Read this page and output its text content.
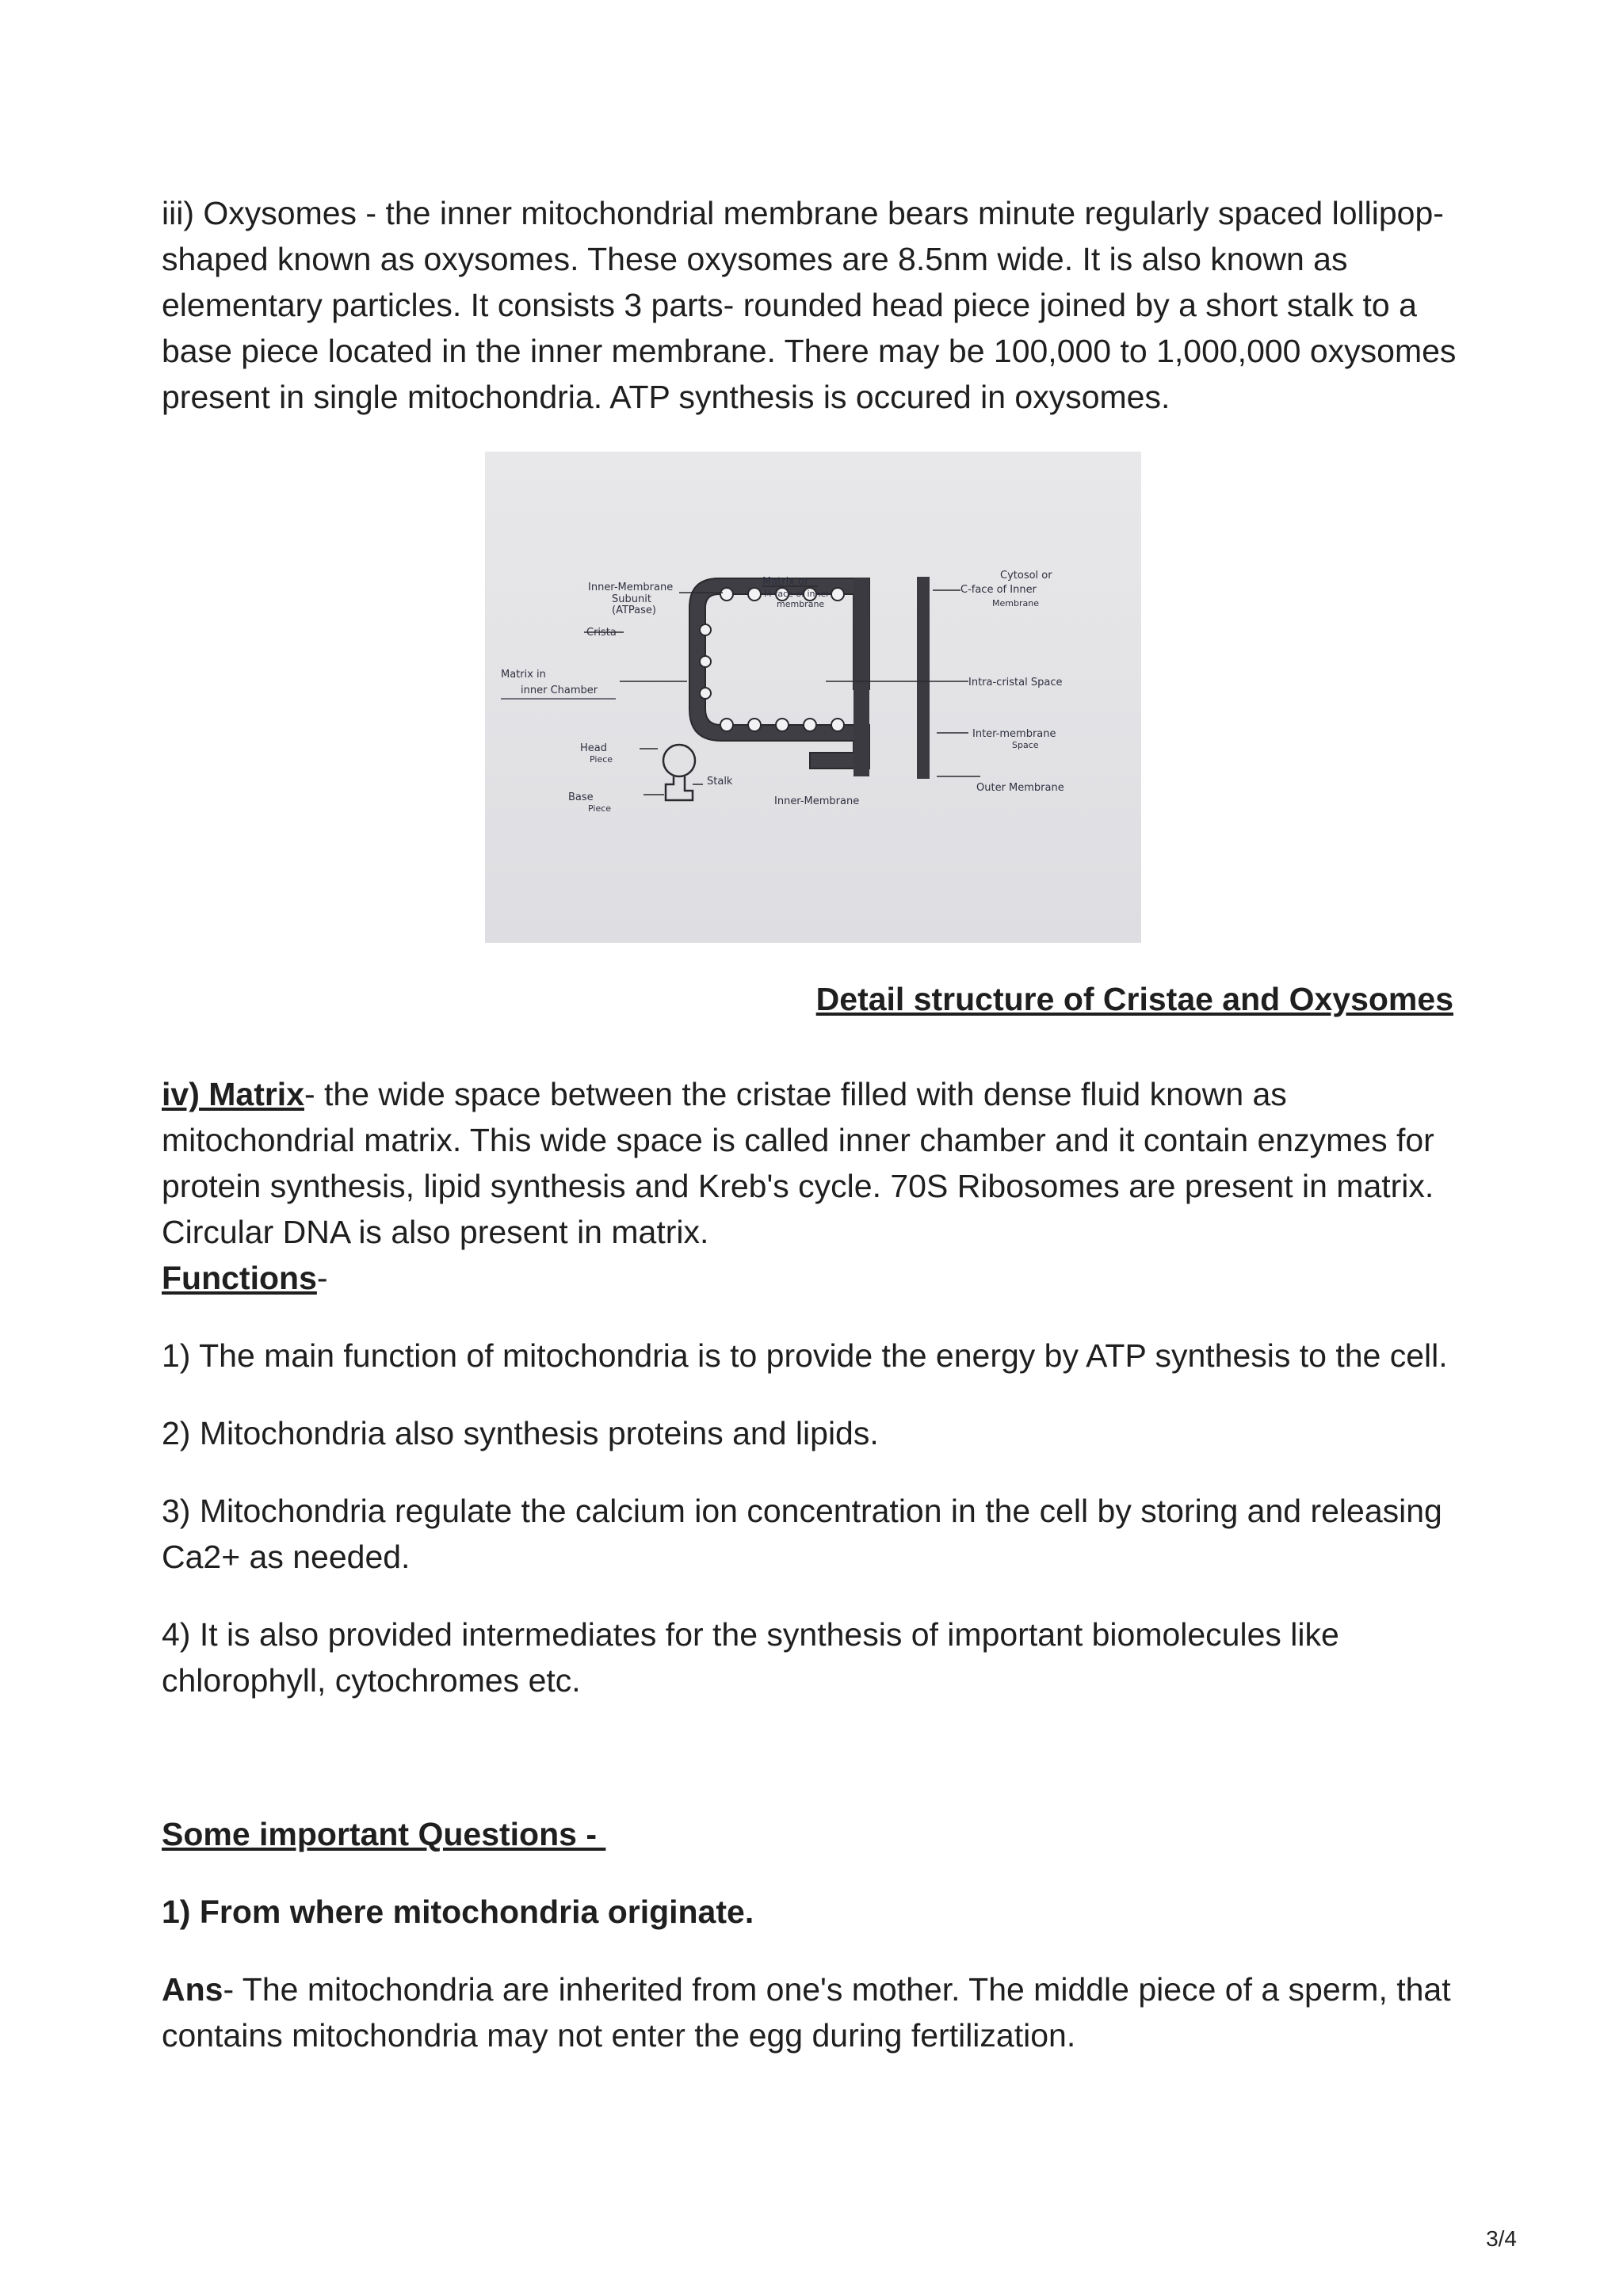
iii) Oxysomes - the inner mitochondrial membrane bears minute regularly spaced lollipop-shaped known as oxysomes. These oxysomes are 8.5nm wide. It is also known as elementary particles. It consists 3 parts- rounded head piece joined by a short stalk to a base piece located in the inner membrane. There may be 100,000 to 1,000,000 oxysomes present in single mitochondria. ATP synthesis is occured in oxysomes.

Inner-Membrane
Subunit
(ATPase)
Crista
Matrix or
M-face of inner
membrane
Cytosol or
C-face of Inner
Membrane
Matrix in
inner Chamber
Intra-cristal Space
Inter-membrane
Space
Outer Membrane
Head
Piece
Stalk
Base
Piece
Inner-Membrane
Detail structure of Cristae and Oxysomes

iv) Matrix- the wide space between the cristae filled with dense fluid known as mitochondrial matrix. This wide space is called inner chamber and it contain enzymes for protein synthesis, lipid synthesis and Kreb's cycle. 70S Ribosomes are present in matrix. Circular DNA is also present in matrix.

Functions-

1) The main function of mitochondria is to provide the energy by ATP synthesis to the cell.

2) Mitochondria also synthesis proteins and lipids.

3) Mitochondria regulate the calcium ion concentration in the cell by storing and releasing Ca2+ as needed.

4) It is also provided intermediates for the synthesis of important biomolecules like chlorophyll, cytochromes etc.

Some important Questions -

1) From where mitochondria originate.

Ans- The mitochondria are inherited from one's mother. The middle piece of a sperm, that contains mitochondria may not enter the egg during fertilization.

3/4
